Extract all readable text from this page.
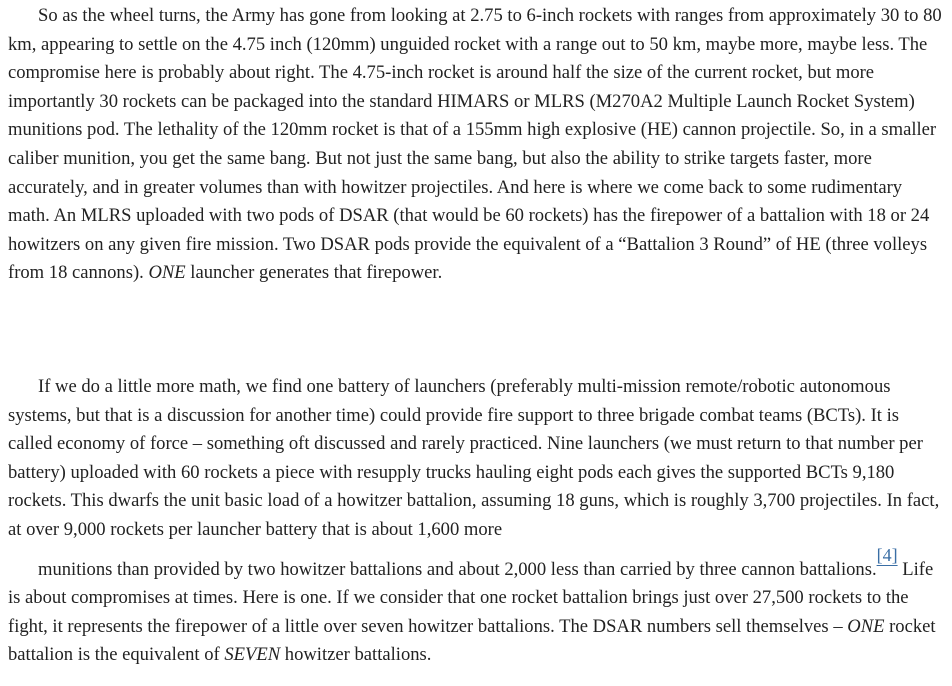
So as the wheel turns, the Army has gone from looking at 2.75 to 6-inch rockets with ranges from approximately 30 to 80 km, appearing to settle on the 4.75 inch (120mm) unguided rocket with a range out to 50 km, maybe more, maybe less. The compromise here is probably about right. The 4.75-inch rocket is around half the size of the current rocket, but more importantly 30 rockets can be packaged into the standard HIMARS or MLRS (M270A2 Multiple Launch Rocket System) munitions pod. The lethality of the 120mm rocket is that of a 155mm high explosive (HE) cannon projectile. So, in a smaller caliber munition, you get the same bang. But not just the same bang, but also the ability to strike targets faster, more accurately, and in greater volumes than with howitzer projectiles. And here is where we come back to some rudimentary math. An MLRS uploaded with two pods of DSAR (that would be 60 rockets) has the firepower of a battalion with 18 or 24 howitzers on any given fire mission. Two DSAR pods provide the equivalent of a “Battalion 3 Round” of HE (three volleys from 18 cannons). ONE launcher generates that firepower.

If we do a little more math, we find one battery of launchers (preferably multi-mission remote/robotic autonomous systems, but that is a discussion for another time) could provide fire support to three brigade combat teams (BCTs). It is called economy of force – something oft discussed and rarely practiced. Nine launchers (we must return to that number per battery) uploaded with 60 rockets a piece with resupply trucks hauling eight pods each gives the supported BCTs 9,180 rockets. This dwarfs the unit basic load of a howitzer battalion, assuming 18 guns, which is roughly 3,700 projectiles. In fact, at over 9,000 rockets per launcher battery that is about 1,600 more
munitions than provided by two howitzer battalions and about 2,000 less than carried by three cannon battalions.[4] Life is about compromises at times. Here is one. If we consider that one rocket battalion brings just over 27,500 rockets to the fight, it represents the firepower of a little over seven howitzer battalions. The DSAR numbers sell themselves – ONE rocket battalion is the equivalent of SEVEN howitzer battalions.
